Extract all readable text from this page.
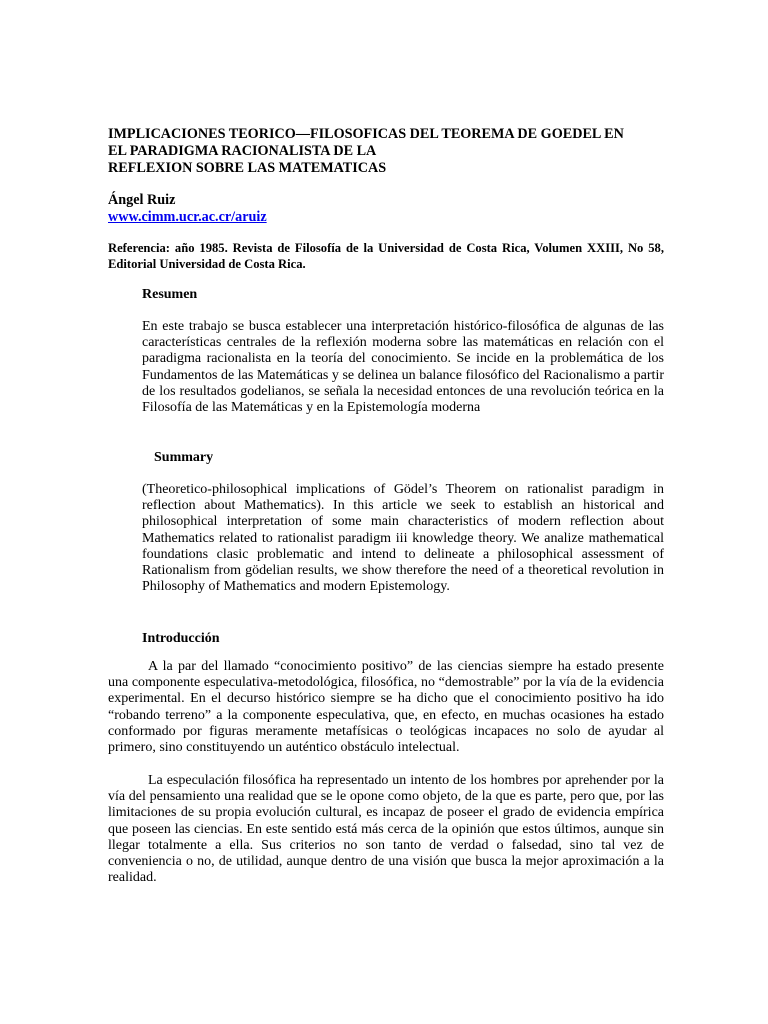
IMPLICACIONES TEORICO—FILOSOFICAS DEL TEOREMA DE GOEDEL EN
EL PARADIGMA RACIONALISTA DE LA
REFLEXION SOBRE LAS MATEMATICAS
Ángel Ruiz
www.cimm.ucr.ac.cr/aruiz

Referencia: año 1985. Revista de Filosofía de la Universidad de Costa Rica, Volumen XXIII, No 58, Editorial Universidad de Costa Rica.

Resumen

En este trabajo se busca establecer una interpretación histórico-filosófica de algunas de las características centrales de la reflexión moderna sobre las matemáticas en relación con el paradigma racionalista en la teoría del conocimiento. Se incide en la problemática de los Fundamentos de las Matemáticas y se delinea un balance filosófico del Racionalismo a partir de los resultados godelianos, se señala la necesidad entonces de una revolución teórica en la Filosofía de las Matemáticas y en la Epistemología moderna

Summary

(Theoretico-philosophical implications of Gödel’s Theorem on rationalist paradigm in reflection about Mathematics). In this article we seek to establish an historical and philosophical interpretation of some main characteristics of modern reflection about Mathematics related to rationalist paradigm iii knowledge theory. We analize mathematical foundations clasic problematic and intend to delineate a philosophical assessment of Rationalism from gödelian results, we show therefore the need of a theoretical revolution in Philosophy of Mathematics and modern Epistemology.

Introducción

A la par del llamado “conocimiento positivo” de las ciencias siempre ha estado presente una componente especulativa-metodológica, filosófica, no “demostrable” por la vía de la evidencia experimental. En el decurso histórico siempre se ha dicho que el conocimiento positivo ha ido “robando terreno” a la componente especulativa, que, en efecto, en muchas ocasiones ha estado conformado por figuras meramente metafísicas o teológicas incapaces no solo de ayudar al primero, sino constituyendo un auténtico obstáculo intelectual.

La especulación filosófica ha representado un intento de los hombres por aprehender por la vía del pensamiento una realidad que se le opone como objeto, de la que es parte, pero que, por las limitaciones de su propia evolución cultural, es incapaz de poseer el grado de evidencia empírica que poseen las ciencias. En este sentido está más cerca de la opinión que estos últimos, aunque sin llegar totalmente a ella. Sus criterios no son tanto de verdad o falsedad, sino tal vez de conveniencia o no, de utilidad, aunque dentro de una visión que busca la mejor aproximación a la realidad.
